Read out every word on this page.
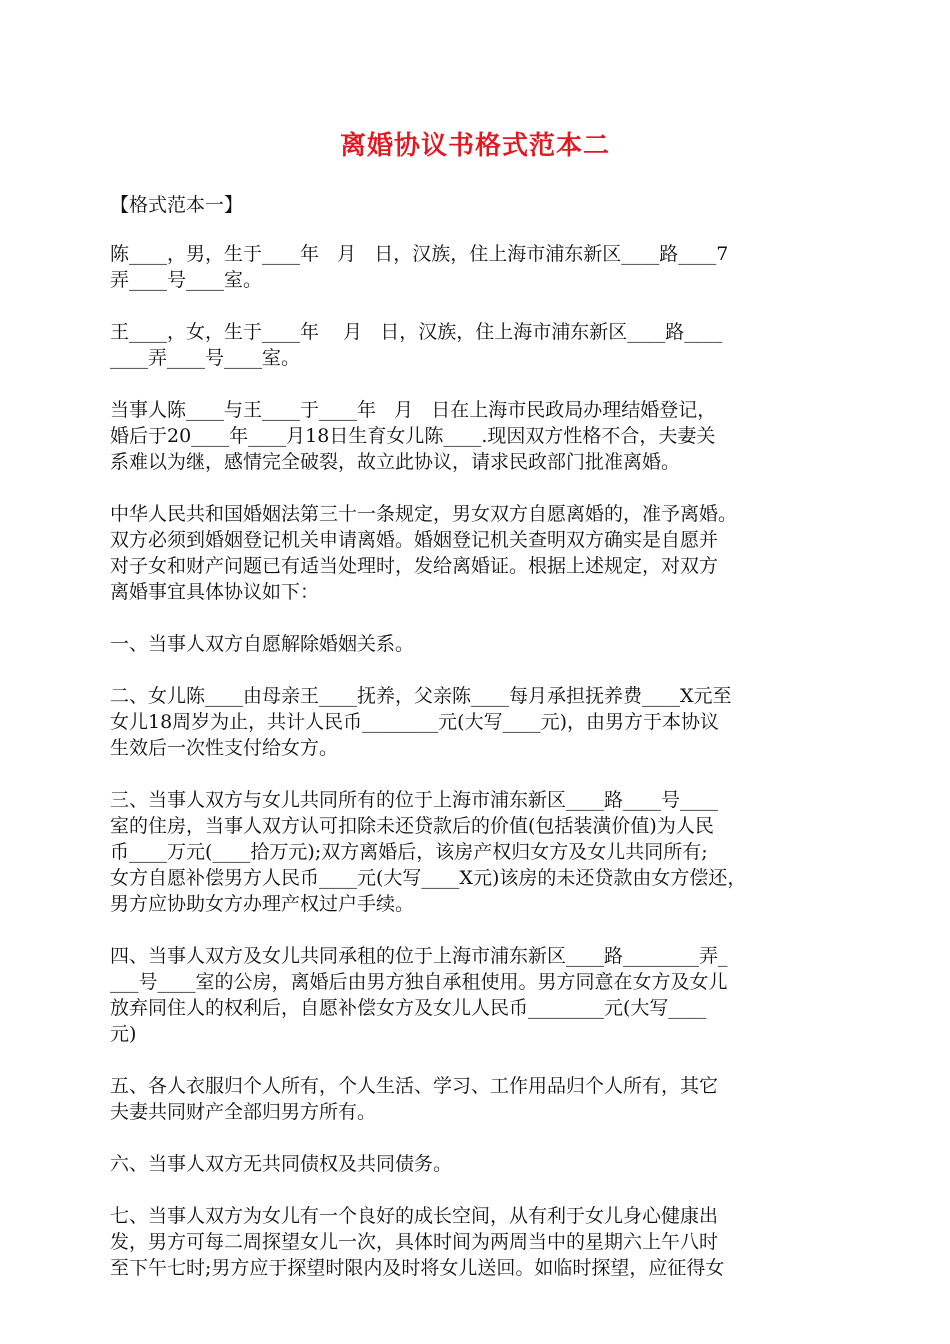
离婚协议书格式范本二
【格式范本一】
陈____，男，生于____年   月   日，汉族，住上海市浦东新区____路____7
弄____号____室。
王____，女，生于____年    月   日，汉族，住上海市浦东新区____路____
____弄____号____室。
当事人陈____与王____于____年   月   日在上海市民政局办理结婚登记，
婚后于20____年____月18日生育女儿陈____.现因双方性格不合，夫妻关
系难以为继，感情完全破裂，故立此协议，请求民政部门批准离婚。
中华人民共和国婚姻法第三十一条规定，男女双方自愿离婚的，准予离婚。
双方必须到婚姻登记机关申请离婚。婚姻登记机关查明双方确实是自愿并
对子女和财产问题已有适当处理时，发给离婚证。根据上述规定，对双方
离婚事宜具体协议如下：
一、当事人双方自愿解除婚姻关系。
二、女儿陈____由母亲王____抚养，父亲陈____每月承担抚养费____X元至
女儿18周岁为止，共计人民币________元(大写____元)，由男方于本协议
生效后一次性支付给女方。
三、当事人双方与女儿共同所有的位于上海市浦东新区____路____号____
室的住房，当事人双方认可扣除未还贷款后的价值(包括装潢价值)为人民
币____万元(____拾万元);双方离婚后，该房产权归女方及女儿共同所有;
女方自愿补偿男方人民币____元(大写____X元)该房的未还贷款由女方偿还，
男方应协助女方办理产权过户手续。
四、当事人双方及女儿共同承租的位于上海市浦东新区____路________弄_
___号____室的公房，离婚后由男方独自承租使用。男方同意在女方及女儿
放弃同住人的权利后，自愿补偿女方及女儿人民币________元(大写____
元)
五、各人衣服归个人所有，个人生活、学习、工作用品归个人所有，其它
夫妻共同财产全部归男方所有。
六、当事人双方无共同债权及共同债务。
七、当事人双方为女儿有一个良好的成长空间，从有利于女儿身心健康出
发，男方可每二周探望女儿一次，具体时间为两周当中的星期六上午八时
至下午七时;男方应于探望时限内及时将女儿送回。如临时探望，应征得女
